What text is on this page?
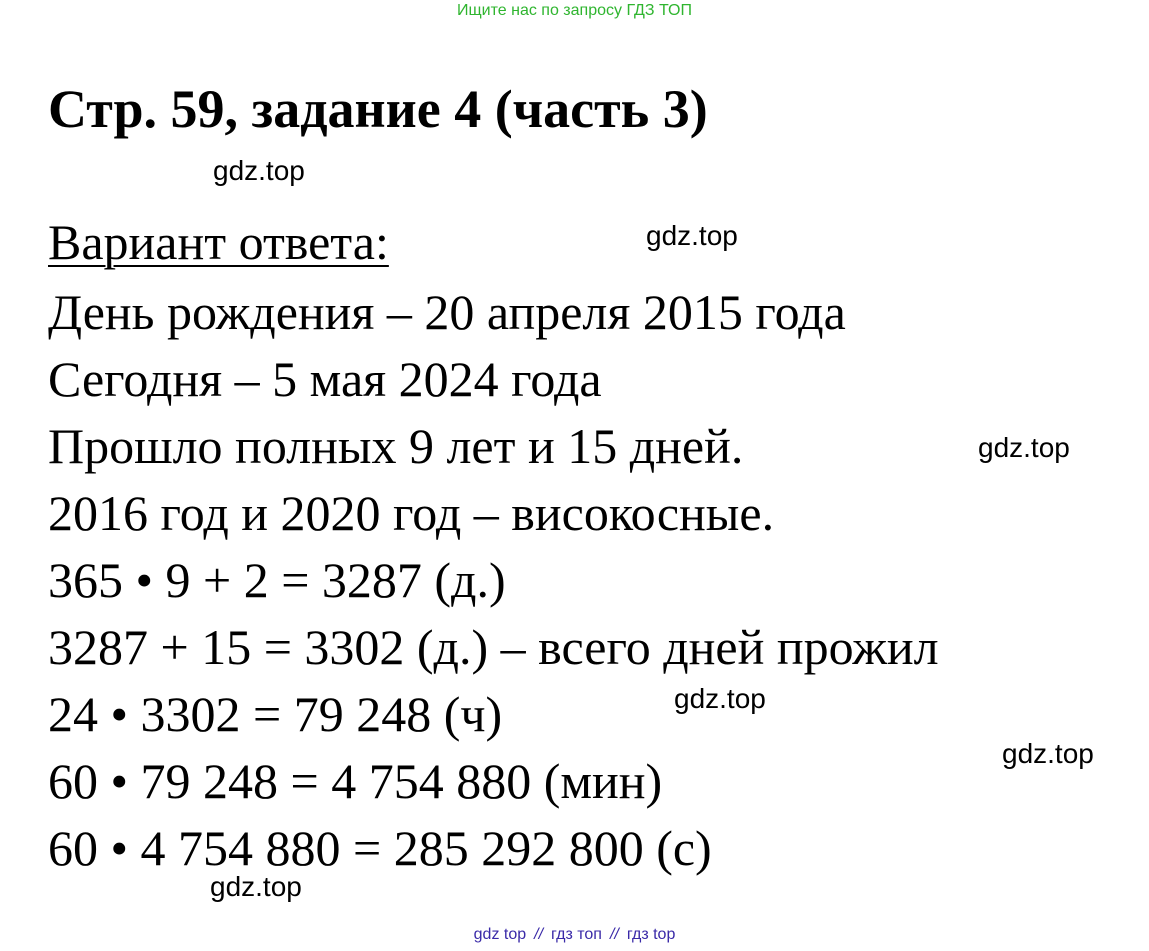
Ищите нас по запросу ГДЗ ТОП
Стр. 59, задание 4 (часть 3)
gdz.top
Вариант ответа:	gdz.top
День рождения – 20 апреля 2015 года
Сегодня – 5 мая 2024 года
Прошло полных 9 лет и 15 дней.	gdz.top
2016 год и 2020 год – високосные.
365 • 9 + 2 = 3287 (д.)
3287 + 15 = 3302 (д.) – всего дней прожил
24 • 3302 = 79 248 (ч)	gdz.top
gdz.top
60 • 79 248 = 4 754 880 (мин)
60 • 4 754 880 = 285 292 800 (с)
gdz.top
gdz top // гдз топ // гдз top
